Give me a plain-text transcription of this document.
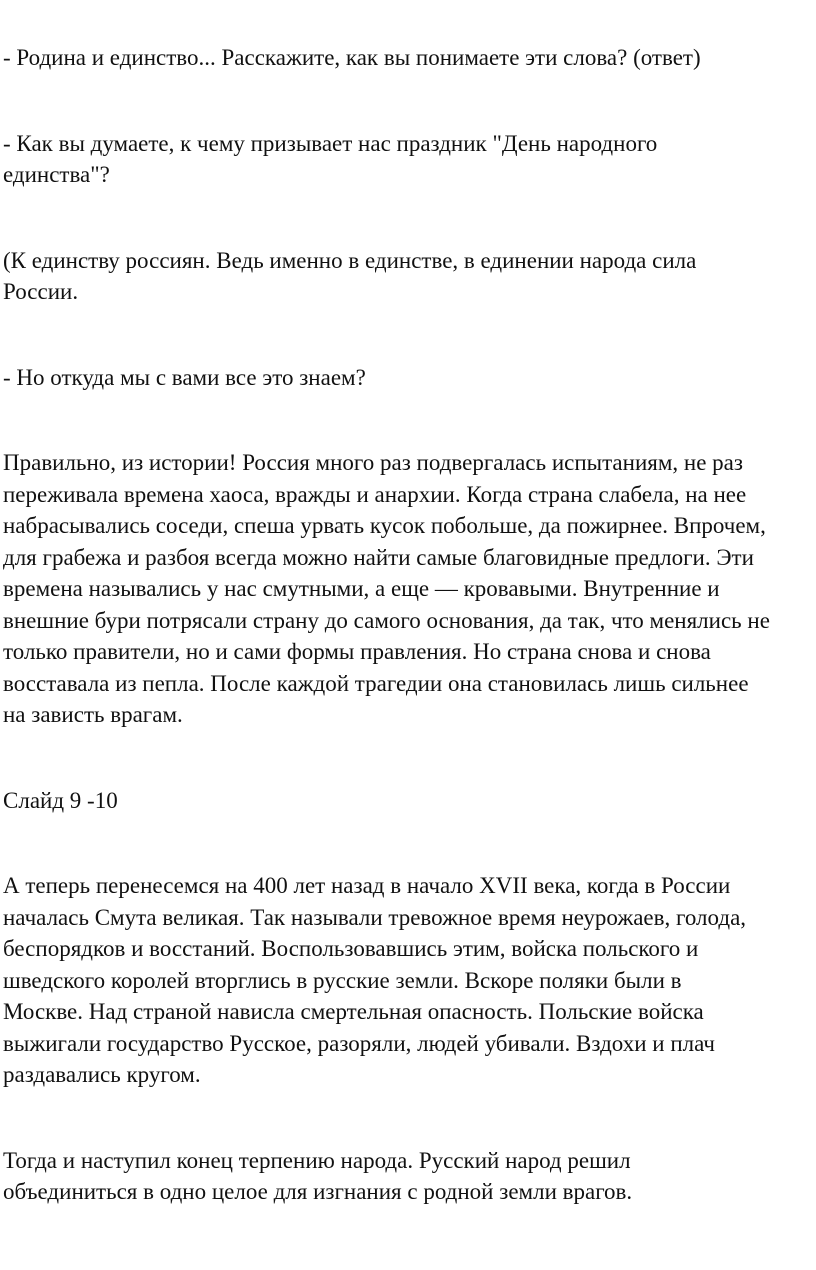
- Родина и единство... Расскажите, как вы понимаете эти слова? (ответ)

- Как вы думаете, к чему призывает нас праздник "День народного
единства"?

(К единству россиян. Ведь именно в единстве, в единении народа сила
России.

- Но откуда мы с вами все это знаем?

Правильно, из истории! Россия много раз подвергалась испытаниям, не раз
переживала времена хаоса, вражды и анархии. Когда страна слабела, на нее
набрасывались соседи, спеша урвать кусок побольше, да пожирнее. Впрочем,
для грабежа и разбоя всегда можно найти самые благовидные предлоги. Эти
времена назывались у нас смутными, а еще — кровавыми. Внутренние и
внешние бури потрясали страну до самого основания, да так, что менялись не
только правители, но и сами формы правления. Но страна снова и снова
восставала из пепла. После каждой трагедии она становилась лишь сильнее
на зависть врагам.

Слайд 9 -10

А теперь перенесемся на 400 лет назад в начало XVII века, когда в России
началась Смута великая. Так называли тревожное время неурожаев, голода,
беспорядков и восстаний. Воспользовавшись этим, войска польского и
шведского королей вторглись в русские земли. Вскоре поляки были в
Москве. Над страной нависла смертельная опасность. Польские войска
выжигали государство Русское, разоряли, людей убивали. Вздохи и плач
раздавались кругом.

Тогда и наступил конец терпению народа. Русский народ решил
объединиться в одно целое для изгнания с родной земли врагов.
